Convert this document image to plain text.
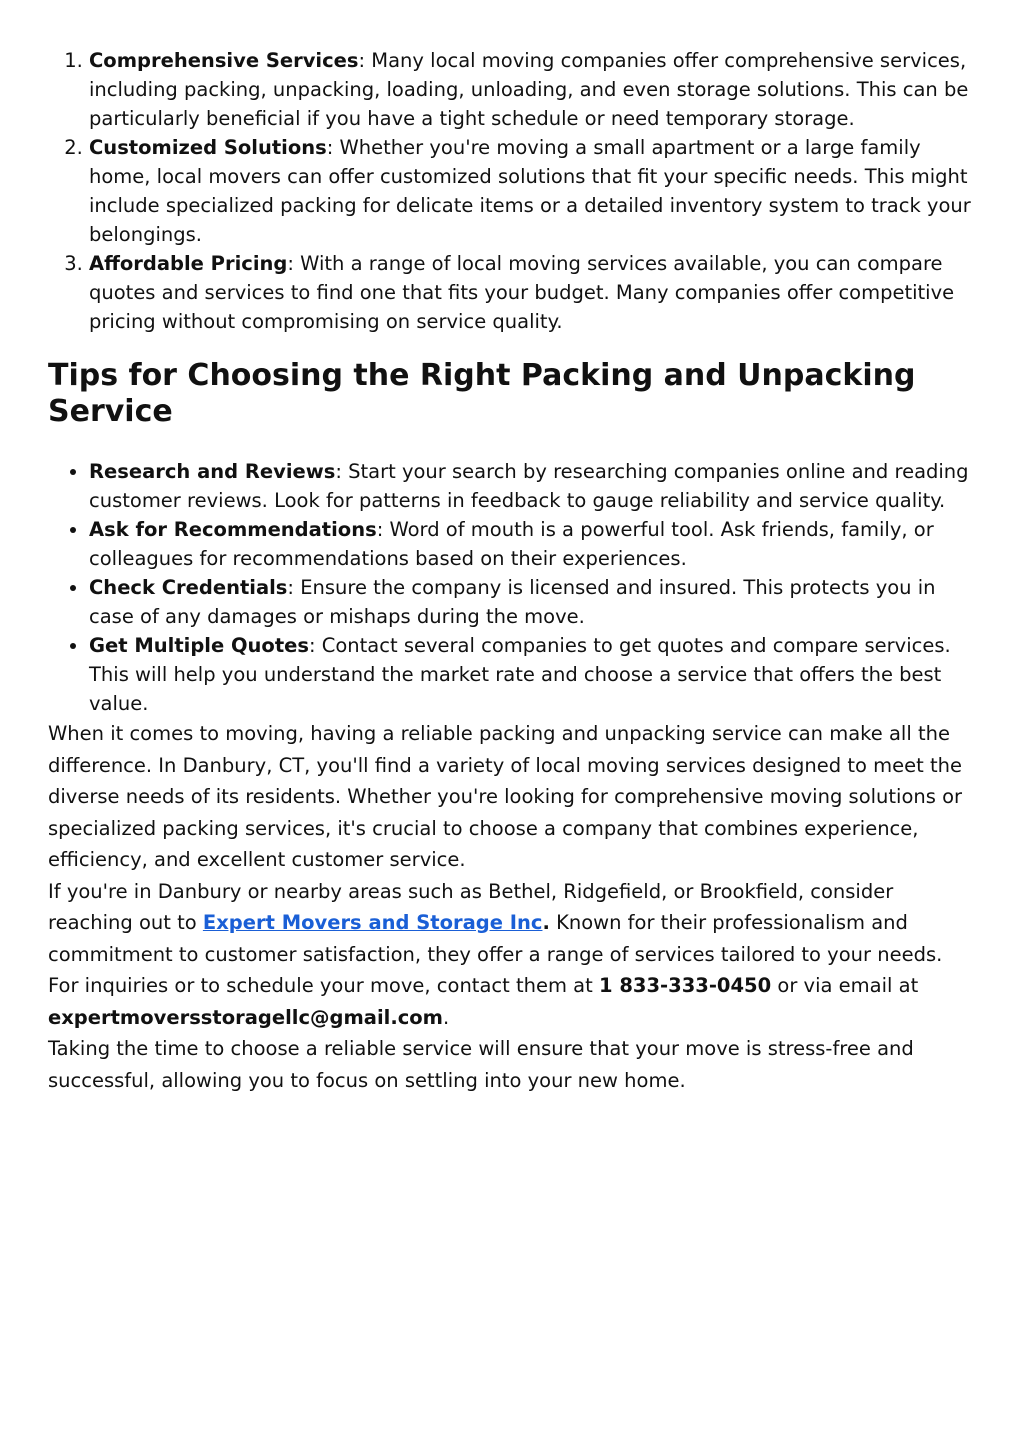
1. Comprehensive Services: Many local moving companies offer comprehensive services, including packing, unpacking, loading, unloading, and even storage solutions. This can be particularly beneficial if you have a tight schedule or need temporary storage.
2. Customized Solutions: Whether you're moving a small apartment or a large family home, local movers can offer customized solutions that fit your specific needs. This might include specialized packing for delicate items or a detailed inventory system to track your belongings.
3. Affordable Pricing: With a range of local moving services available, you can compare quotes and services to find one that fits your budget. Many companies offer competitive pricing without compromising on service quality.
Tips for Choosing the Right Packing and Unpacking Service
• Research and Reviews: Start your search by researching companies online and reading customer reviews. Look for patterns in feedback to gauge reliability and service quality.
• Ask for Recommendations: Word of mouth is a powerful tool. Ask friends, family, or colleagues for recommendations based on their experiences.
• Check Credentials: Ensure the company is licensed and insured. This protects you in case of any damages or mishaps during the move.
• Get Multiple Quotes: Contact several companies to get quotes and compare services. This will help you understand the market rate and choose a service that offers the best value.

When it comes to moving, having a reliable packing and unpacking service can make all the difference. In Danbury, CT, you'll find a variety of local moving services designed to meet the diverse needs of its residents. Whether you're looking for comprehensive moving solutions or specialized packing services, it's crucial to choose a company that combines experience, efficiency, and excellent customer service.

If you're in Danbury or nearby areas such as Bethel, Ridgefield, or Brookfield, consider reaching out to Expert Movers and Storage Inc. Known for their professionalism and commitment to customer satisfaction, they offer a range of services tailored to your needs. For inquiries or to schedule your move, contact them at 1 833-333-0450 or via email at expertmoversstoragellc@gmail.com.

Taking the time to choose a reliable service will ensure that your move is stress-free and successful, allowing you to focus on settling into your new home.
